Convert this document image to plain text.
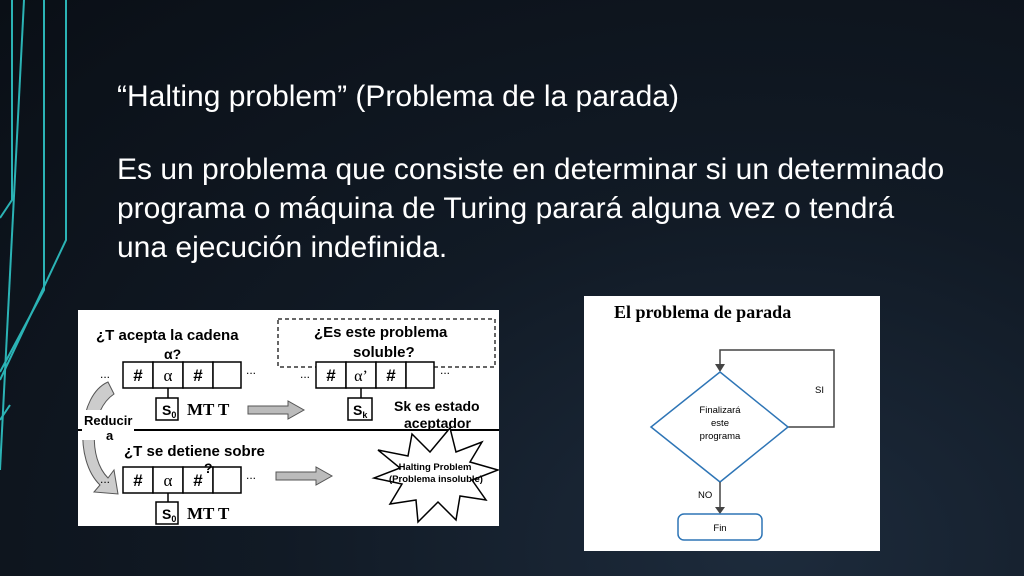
“Halting problem” (Problema de la parada)

Es un problema que consiste en determinar si un determinado programa o máquina de Turing parará alguna vez o tendrá una ejecución indefinida.

¿T acepta la cadena
α?
¿Es este problema
soluble?
... # α #	...
$S_0$ MT T
... # α’ #	...
$S_k$
Sk es estado
aceptador
Reducir
a
¿T se detiene sobre
... # α #
?	...
$S_0$ MT T
Halting Problem
(Problema insoluble)
El problema de parada
Finalizará
este
programa
SI
NO
Fin
